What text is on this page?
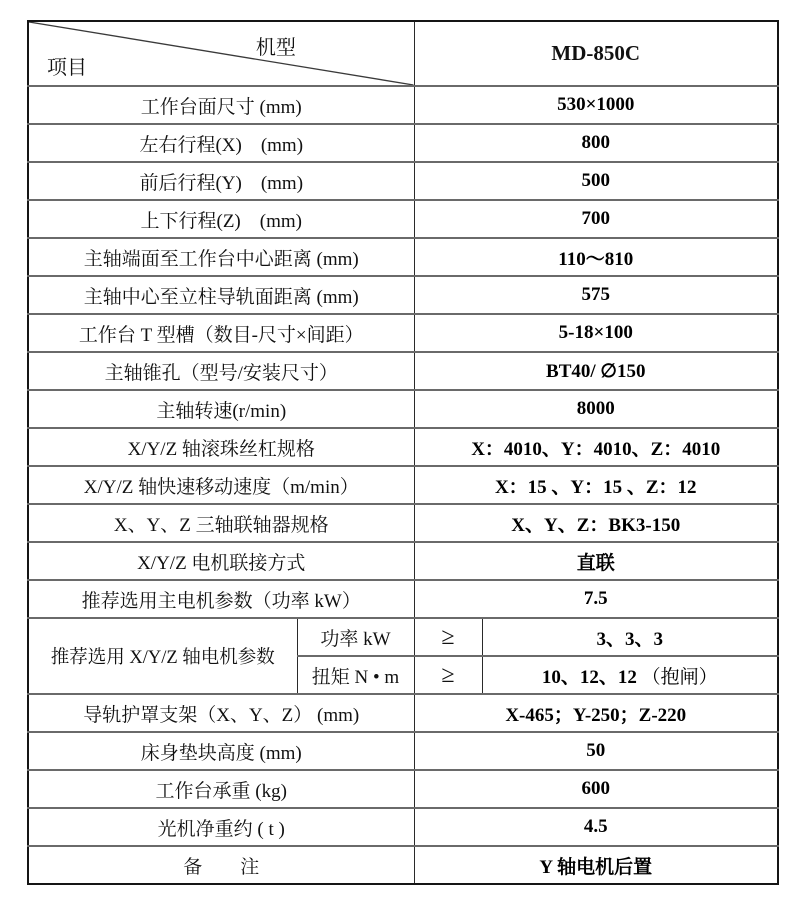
机型
项目		MD-850C	
工作台面尺寸 (mm)		530×1000	
左右行程(X)　(mm)		800	
前后行程(Y)　(mm)		500	
上下行程(Z)　(mm)		700	
主轴端面至工作台中心距离 (mm)		110～810	
主轴中心至立柱导轨面距离 (mm)		575	
工作台 T 型槽（数目-尺寸×间距）		5-18×100	
主轴锥孔（型号/安装尺寸）		BT40/ ∅150	
主轴转速(r/min)		8000	
X/Y/Z 轴滚珠丝杠规格		X：4010、Y：4010、Z：4010	
X/Y/Z 轴快速移动速度（m/min）		X：15 、Y：15 、Z：12	
X、Y、Z 三轴联轴器规格		X、Y、Z：BK3-150	
X/Y/Z 电机联接方式		直联	
推荐选用主电机参数（功率 kW）		7.5	
推荐选用 X/Y/Z 轴电机参数	功率 kW	≥	3、3、3
	扭矩 N • m	≥	10、12、12 （抱闸）
导轨护罩支架（X、Y、Z） (mm)		X-465；Y-250；Z-220	
床身垫块高度 (mm)		50	
工作台承重 (kg)		600	
光机净重约 ( t )		4.5	
备　　注		Y 轴电机后置	
